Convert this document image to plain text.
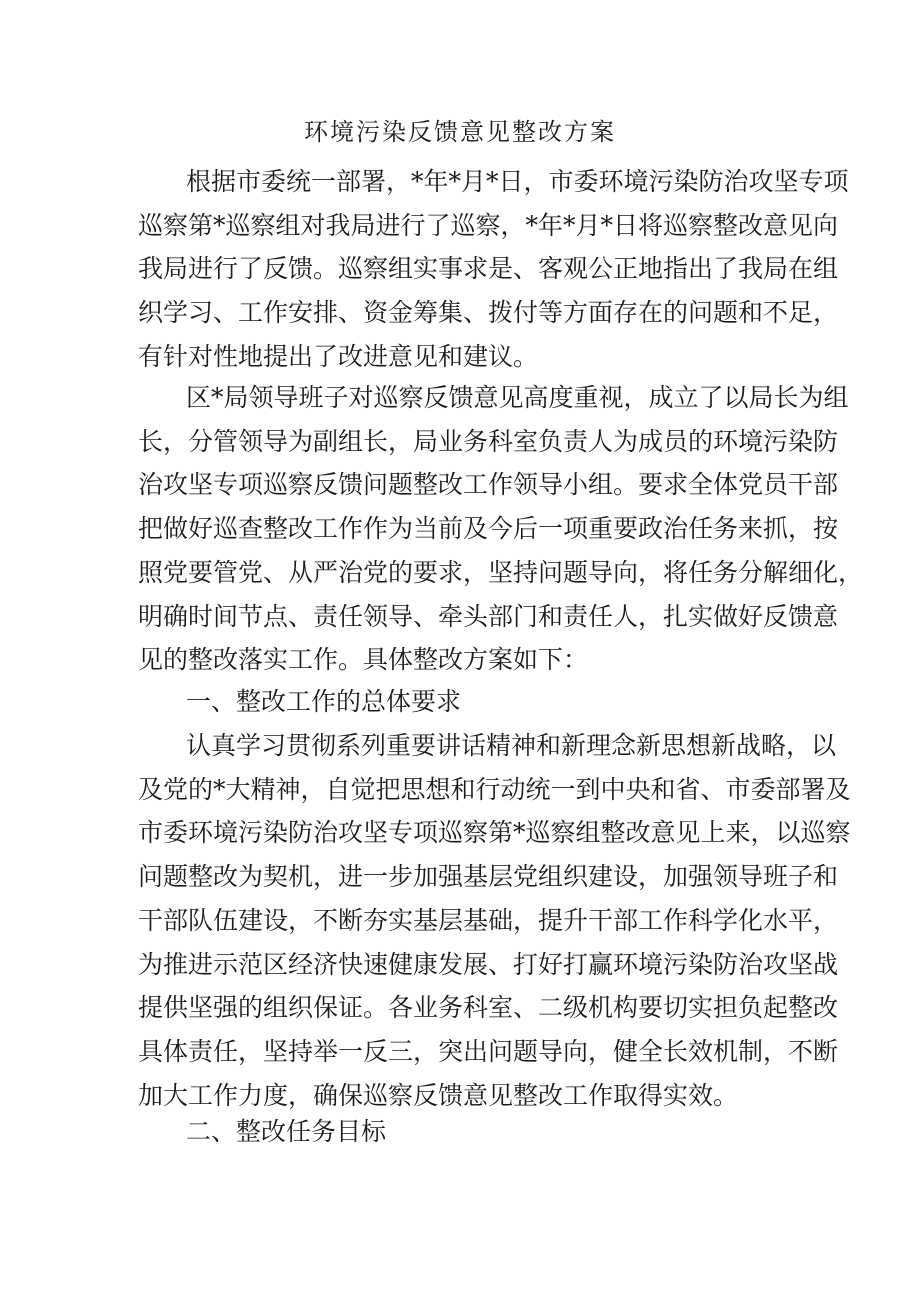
环境污染反馈意见整改方案

根据市委统一部署，*年*月*日，市委环境污染防治攻坚专项
巡察第*巡察组对我局进行了巡察，*年*月*日将巡察整改意见向
我局进行了反馈。巡察组实事求是、客观公正地指出了我局在组
织学习、工作安排、资金筹集、拨付等方面存在的问题和不足，
有针对性地提出了改进意见和建议。

区*局领导班子对巡察反馈意见高度重视，成立了以局长为组
长，分管领导为副组长，局业务科室负责人为成员的环境污染防
治攻坚专项巡察反馈问题整改工作领导小组。要求全体党员干部
把做好巡查整改工作作为当前及今后一项重要政治任务来抓，按
照党要管党、从严治党的要求，坚持问题导向，将任务分解细化，
明确时间节点、责任领导、牵头部门和责任人，扎实做好反馈意
见的整改落实工作。具体整改方案如下：

一、整改工作的总体要求

认真学习贯彻系列重要讲话精神和新理念新思想新战略，以
及党的*大精神，自觉把思想和行动统一到中央和省、市委部署及
市委环境污染防治攻坚专项巡察第*巡察组整改意见上来，以巡察
问题整改为契机，进一步加强基层党组织建设，加强领导班子和
干部队伍建设，不断夯实基层基础，提升干部工作科学化水平，
为推进示范区经济快速健康发展、打好打赢环境污染防治攻坚战
提供坚强的组织保证。各业务科室、二级机构要切实担负起整改
具体责任，坚持举一反三，突出问题导向，健全长效机制，不断
加大工作力度，确保巡察反馈意见整改工作取得实效。

二、整改任务目标
